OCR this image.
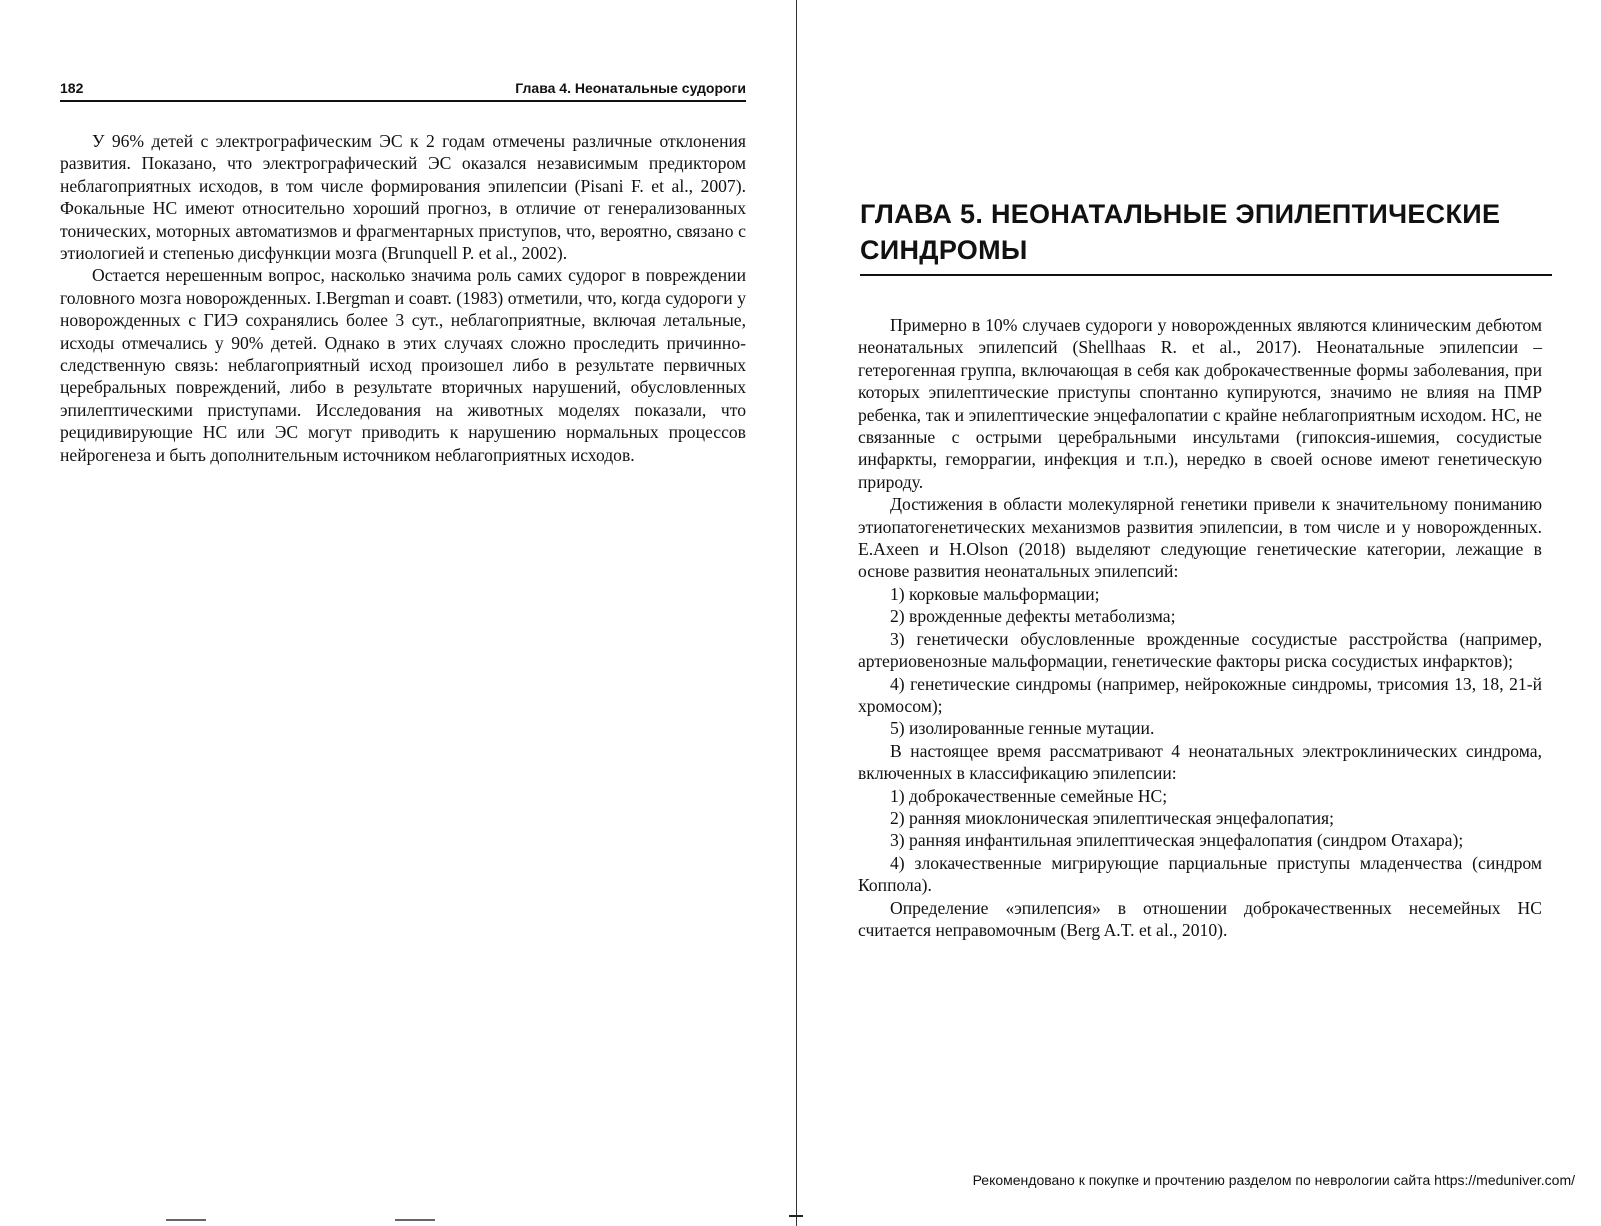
182	Глава 4. Неонатальные судороги

У 96% детей с электрографическим ЭС к 2 годам отмечены различные отклонения развития. Показано, что электрографический ЭС оказался независимым предиктором неблагоприятных исходов, в том числе формирования эпилепсии (Pisani F. et al., 2007). Фокальные НС имеют относительно хороший прогноз, в отличие от генерализованных тонических, моторных автоматизмов и фрагментарных приступов, что, вероятно, связано с этиологией и степенью дисфункции мозга (Brunquell P. et al., 2002).

Остается нерешенным вопрос, насколько значима роль самих судорог в повреждении головного мозга новорожденных. I.Bergman и соавт. (1983) отметили, что, когда судороги у новорожденных с ГИЭ сохранялись более 3 сут., неблагоприятные, включая летальные, исходы отмечались у 90% детей. Однако в этих случаях сложно проследить причинно-следственную связь: неблагоприятный исход произошел либо в результате первичных церебральных повреждений, либо в результате вторичных нарушений, обусловленных эпилептическими приступами. Исследования на животных моделях показали, что рецидивирующие НС или ЭС могут приводить к нарушению нормальных процессов нейрогенеза и быть дополнительным источником неблагоприятных исходов.

ГЛАВА 5. НЕОНАТАЛЬНЫЕ ЭПИЛЕПТИЧЕСКИЕ
СИНДРОМЫ

Примерно в 10% случаев судороги у новорожденных являются клиническим дебютом неонатальных эпилепсий (Shellhaas R. et al., 2017). Неонатальные эпилепсии – гетерогенная группа, включающая в себя как доброкачественные формы заболевания, при которых эпилептические приступы спонтанно купируются, значимо не влияя на ПМР ребенка, так и эпилептические энцефалопатии с крайне неблагоприятным исходом. НС, не связанные с острыми церебральными инсультами (гипоксия-ишемия, сосудистые инфаркты, геморрагии, инфекция и т.п.), нередко в своей основе имеют генетическую природу.

Достижения в области молекулярной генетики привели к значительному пониманию этиопатогенетических механизмов развития эпилепсии, в том числе и у новорожденных. E.Axeen и H.Olson (2018) выделяют следующие генетические категории, лежащие в основе развития неонатальных эпилепсий:

1) корковые мальформации;

2) врожденные дефекты метаболизма;

3) генетически обусловленные врожденные сосудистые расстройства (например, артериовенозные мальформации, генетические факторы риска сосудистых инфарктов);

4) генетические синдромы (например, нейрокожные синдромы, трисомия 13, 18, 21-й хромосом);

5) изолированные генные мутации.

В настоящее время рассматривают 4 неонатальных электроклинических синдрома, включенных в классификацию эпилепсии:

1) доброкачественные семейные НС;

2) ранняя миоклоническая эпилептическая энцефалопатия;

3) ранняя инфантильная эпилептическая энцефалопатия (синдром Отахара);

4) злокачественные мигрирующие парциальные приступы младенчества (синдром Коппола).

Определение «эпилепсия» в отношении доброкачественных несемейных НС считается неправомочным (Berg A.T. et al., 2010).

Рекомендовано к покупке и прочтению разделом по неврологии сайта https://meduniver.com/
